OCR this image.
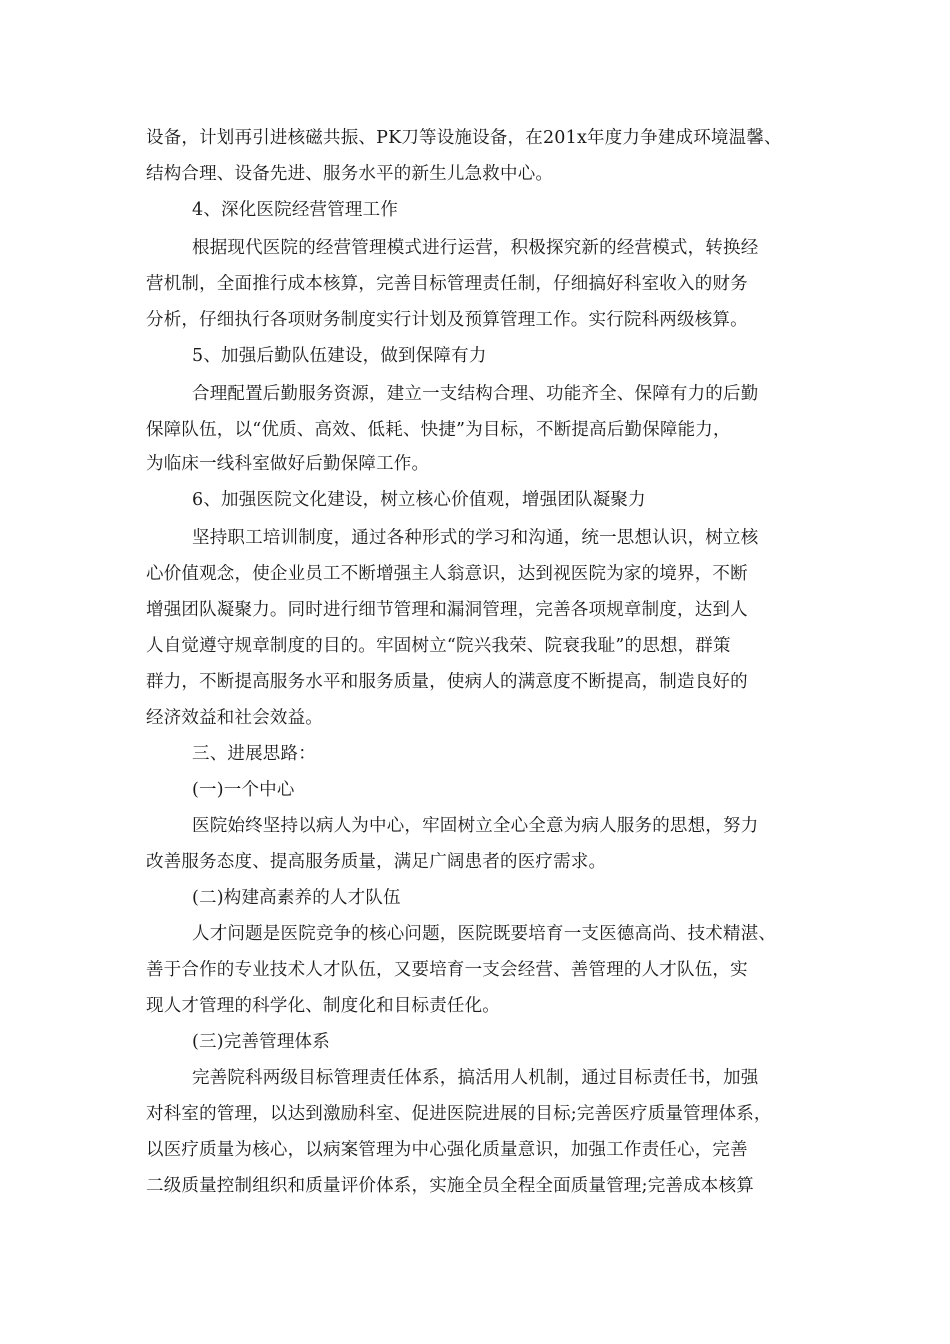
设备，计划再引进核磁共振、PK刀等设施设备，在201x年度力争建成环境温馨、
结构合理、设备先进、服务水平的新生儿急救中心。
4、深化医院经营管理工作
根据现代医院的经营管理模式进行运营，积极探究新的经营模式，转换经
营机制，全面推行成本核算，完善目标管理责任制，仔细搞好科室收入的财务
分析，仔细执行各项财务制度实行计划及预算管理工作。实行院科两级核算。
5、加强后勤队伍建设，做到保障有力
合理配置后勤服务资源，建立一支结构合理、功能齐全、保障有力的后勤
保障队伍，以“优质、高效、低耗、快捷”为目标，不断提高后勤保障能力，
为临床一线科室做好后勤保障工作。
6、加强医院文化建设，树立核心价值观，增强团队凝聚力
坚持职工培训制度，通过各种形式的学习和沟通，统一思想认识，树立核
心价值观念，使企业员工不断增强主人翁意识，达到视医院为家的境界，不断
增强团队凝聚力。同时进行细节管理和漏洞管理，完善各项规章制度，达到人
人自觉遵守规章制度的目的。牢固树立“院兴我荣、院衰我耻”的思想，群策
群力，不断提高服务水平和服务质量，使病人的满意度不断提高，制造良好的
经济效益和社会效益。
三、进展思路：
(一)一个中心
医院始终坚持以病人为中心，牢固树立全心全意为病人服务的思想，努力
改善服务态度、提高服务质量，满足广阔患者的医疗需求。
(二)构建高素养的人才队伍
人才问题是医院竞争的核心问题，医院既要培育一支医德高尚、技术精湛、
善于合作的专业技术人才队伍，又要培育一支会经营、善管理的人才队伍，实
现人才管理的科学化、制度化和目标责任化。
(三)完善管理体系
完善院科两级目标管理责任体系，搞活用人机制，通过目标责任书，加强
对科室的管理，以达到激励科室、促进医院进展的目标;完善医疗质量管理体系，
以医疗质量为核心，以病案管理为中心强化质量意识，加强工作责任心，完善
二级质量控制组织和质量评价体系，实施全员全程全面质量管理;完善成本核算
